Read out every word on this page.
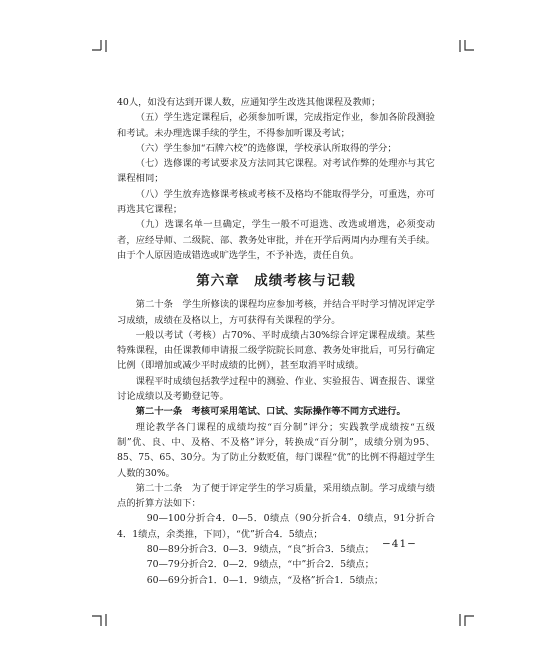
40人，如没有达到开课人数，应通知学生改选其他课程及教师；

（五）学生选定课程后，必须参加听课，完成指定作业，参加各阶段测验和考试。未办理选课手续的学生，不得参加听课及考试；

（六）学生参加“石牌六校”的选修课，学校承认所取得的学分；

（七）选修课的考试要求及方法同其它课程。对考试作弊的处理亦与其它课程相同；

（八）学生放弃选修课考核或考核不及格均不能取得学分，可重选，亦可再选其它课程；

（九）选课名单一旦确定，学生一般不可退选、改选或增选，必须变动者，应经导师、二级院、部、教务处审批，并在开学后两周内办理有关手续。由于个人原因造成错选或旷选学生，不予补选，责任自负。

第六章　成绩考核与记载

第二十条　学生所修读的课程均应参加考核，并结合平时学习情况评定学习成绩，成绩在及格以上，方可获得有关课程的学分。

一般以考试（考核）占70%、平时成绩占30%综合评定课程成绩。某些特殊课程，由任课教师申请报二级学院院长同意、教务处审批后，可另行确定比例（即增加或减少平时成绩的比例），甚至取消平时成绩。

课程平时成绩包括教学过程中的测验、作业、实验报告、调查报告、课堂讨论成绩以及考勤登记等。

第二十一条　考核可采用笔试、口试、实际操作等不同方式进行。

理论教学各门课程的成绩均按“百分制”评分；实践教学成绩按“五级制”优、良、中、及格、不及格”评分，转换成“百分制”，成绩分别为95、85、75、65、30分。为了防止分数贬值，每门课程“优”的比例不得超过学生人数的30%。

第二十二条　为了便于评定学生的学习质量，采用绩点制。学习成绩与绩点的折算方法如下：

90—100分折合4．0—5．0绩点（90分折合4．0绩点，91分折合4．1绩点，余类推，下同），“优”折合4．5绩点；

80—89分折合3．0—3．9绩点，“良”折合3．5绩点；

70—79分折合2．0—2．9绩点，“中”折合2．5绩点；

60—69分折合1．0—1．9绩点，“及格”折合1．5绩点；

−41−
